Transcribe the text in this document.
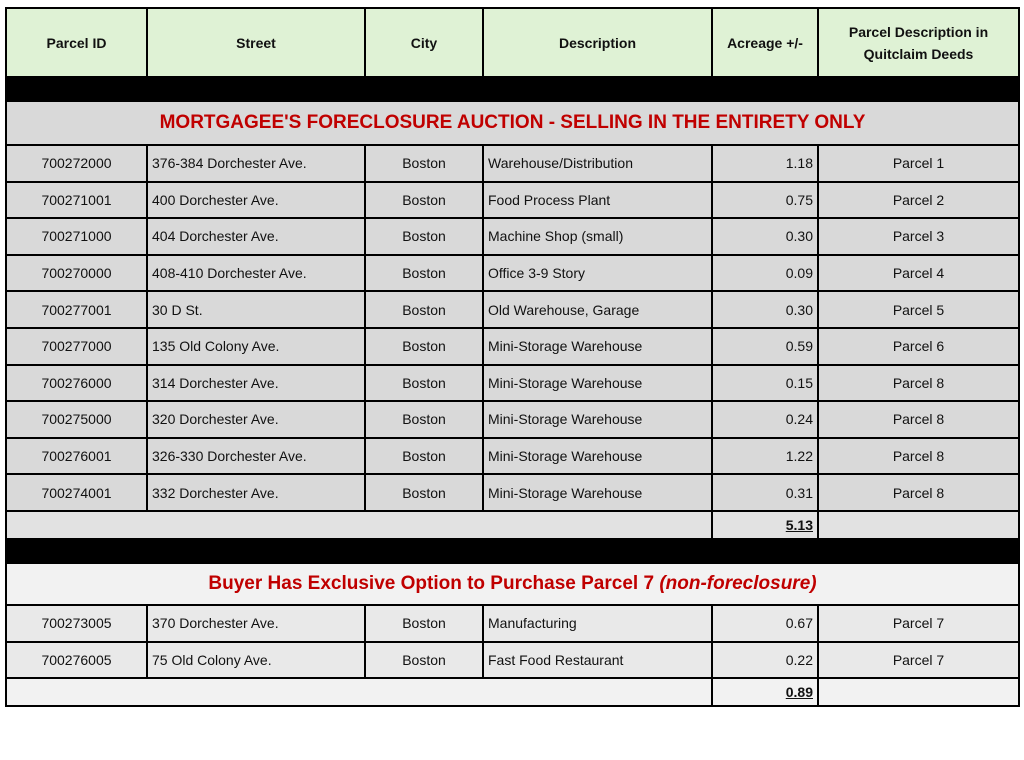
Parcel ID	Street	City	Description	Acreage +/-	Parcel Description in
Quitclaim Deeds

MORTGAGEE'S FORECLOSURE AUCTION - SELLING IN THE ENTIRETY ONLY					
700272000	376-384 Dorchester Ave.	Boston	Warehouse/Distribution	1.18	Parcel 1
700271001	400 Dorchester Ave.	Boston	Food Process Plant	0.75	Parcel 2
700271000	404 Dorchester Ave.	Boston	Machine Shop (small)	0.30	Parcel 3
700270000	408-410 Dorchester Ave.	Boston	Office 3-9 Story	0.09	Parcel 4
700277001	30 D St.	Boston	Old Warehouse, Garage	0.30	Parcel 5
700277000	135 Old Colony Ave.	Boston	Mini-Storage Warehouse	0.59	Parcel 6
700276000	314 Dorchester Ave.	Boston	Mini-Storage Warehouse	0.15	Parcel 8
700275000	320 Dorchester Ave.	Boston	Mini-Storage Warehouse	0.24	Parcel 8
700276001	326-330 Dorchester Ave.	Boston	Mini-Storage Warehouse	1.22	Parcel 8
700274001	332 Dorchester Ave.	Boston	Mini-Storage Warehouse	0.31	Parcel 8
				5.13	

Buyer Has Exclusive Option to Purchase Parcel 7 (non-foreclosure)					
700273005	370 Dorchester Ave.	Boston	Manufacturing	0.67	Parcel 7
700276005	75 Old Colony Ave.	Boston	Fast Food Restaurant	0.22	Parcel 7
				0.89	
